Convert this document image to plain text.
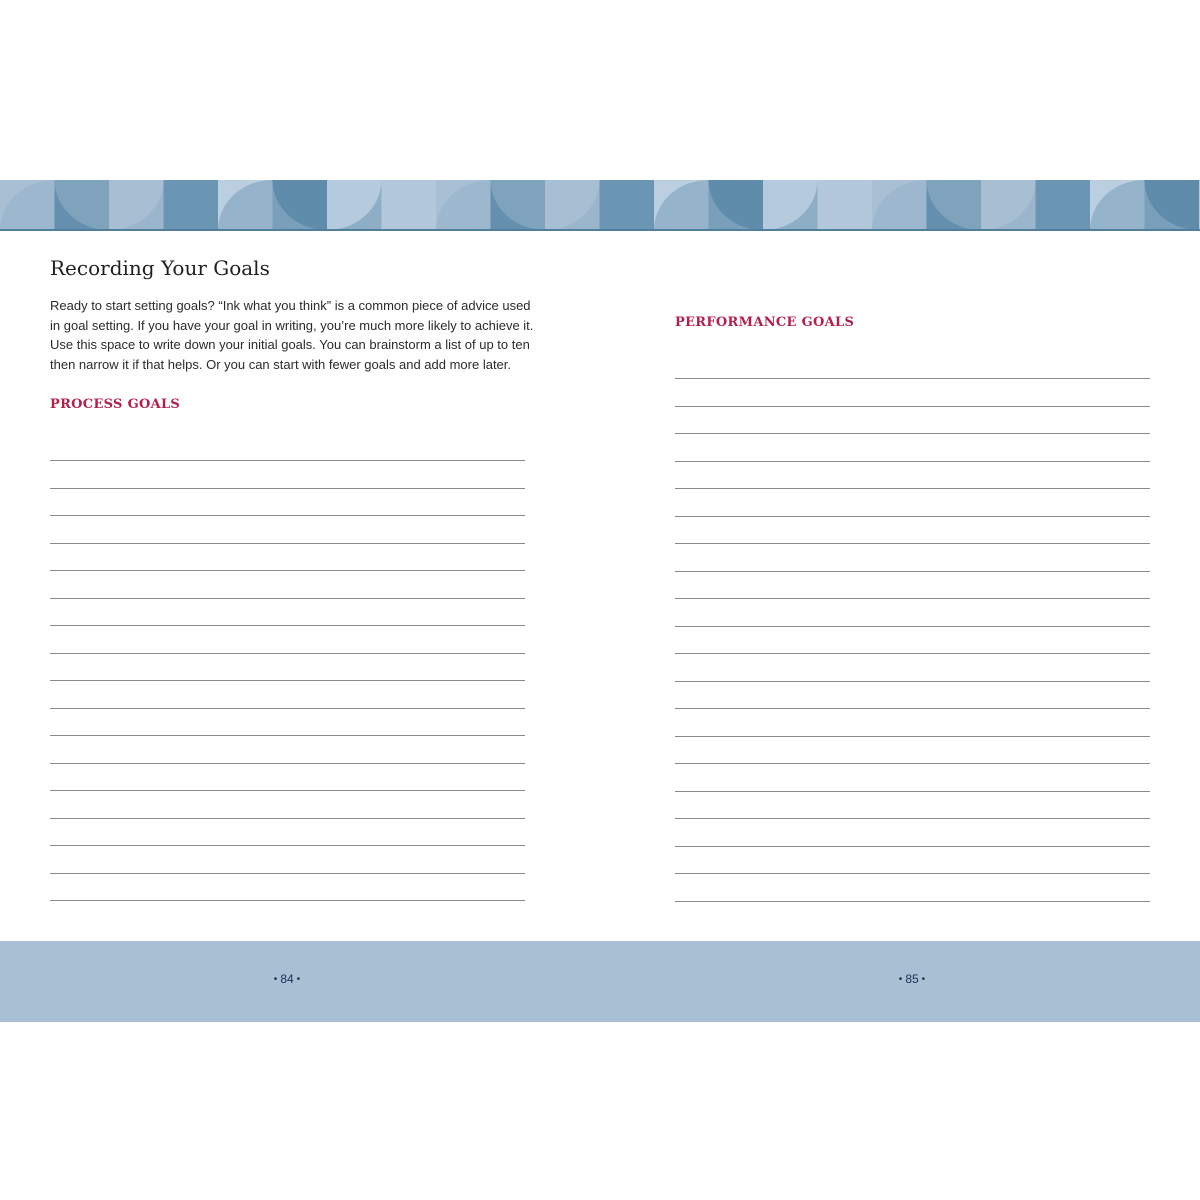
Recording Your Goals

Ready to start setting goals? “Ink what you think” is a common piece of advice used in goal setting. If you have your goal in writing, you’re much more likely to achieve it. Use this space to write down your initial goals. You can brainstorm a list of up to ten then narrow it if that helps. Or you can start with fewer goals and add more later.

PROCESS GOALS
PERFORMANCE GOALS
• 84 •	• 85 •
